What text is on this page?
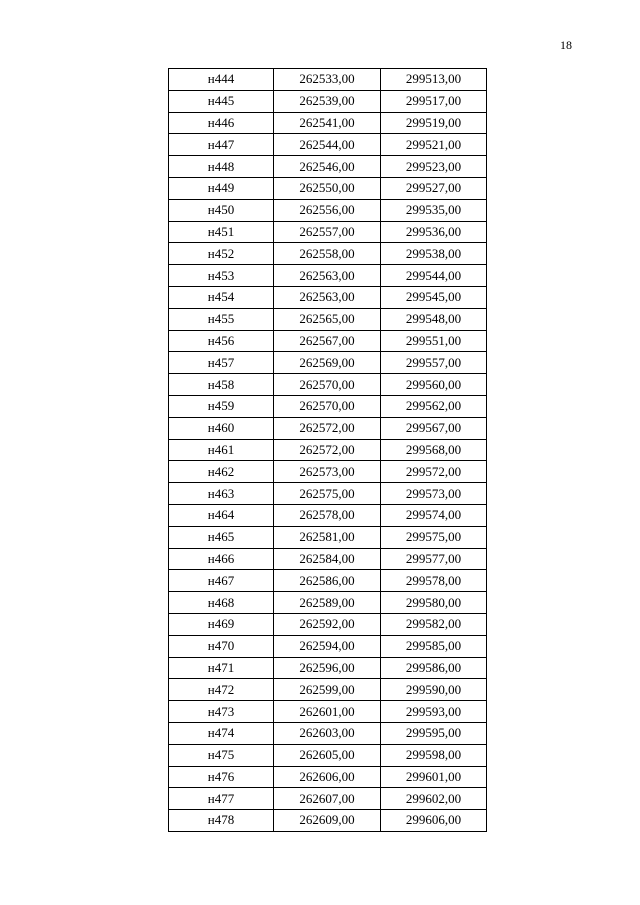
18
н444	262533,00	299513,00
н445	262539,00	299517,00
н446	262541,00	299519,00
н447	262544,00	299521,00
н448	262546,00	299523,00
н449	262550,00	299527,00
н450	262556,00	299535,00
н451	262557,00	299536,00
н452	262558,00	299538,00
н453	262563,00	299544,00
н454	262563,00	299545,00
н455	262565,00	299548,00
н456	262567,00	299551,00
н457	262569,00	299557,00
н458	262570,00	299560,00
н459	262570,00	299562,00
н460	262572,00	299567,00
н461	262572,00	299568,00
н462	262573,00	299572,00
н463	262575,00	299573,00
н464	262578,00	299574,00
н465	262581,00	299575,00
н466	262584,00	299577,00
н467	262586,00	299578,00
н468	262589,00	299580,00
н469	262592,00	299582,00
н470	262594,00	299585,00
н471	262596,00	299586,00
н472	262599,00	299590,00
н473	262601,00	299593,00
н474	262603,00	299595,00
н475	262605,00	299598,00
н476	262606,00	299601,00
н477	262607,00	299602,00
н478	262609,00	299606,00
